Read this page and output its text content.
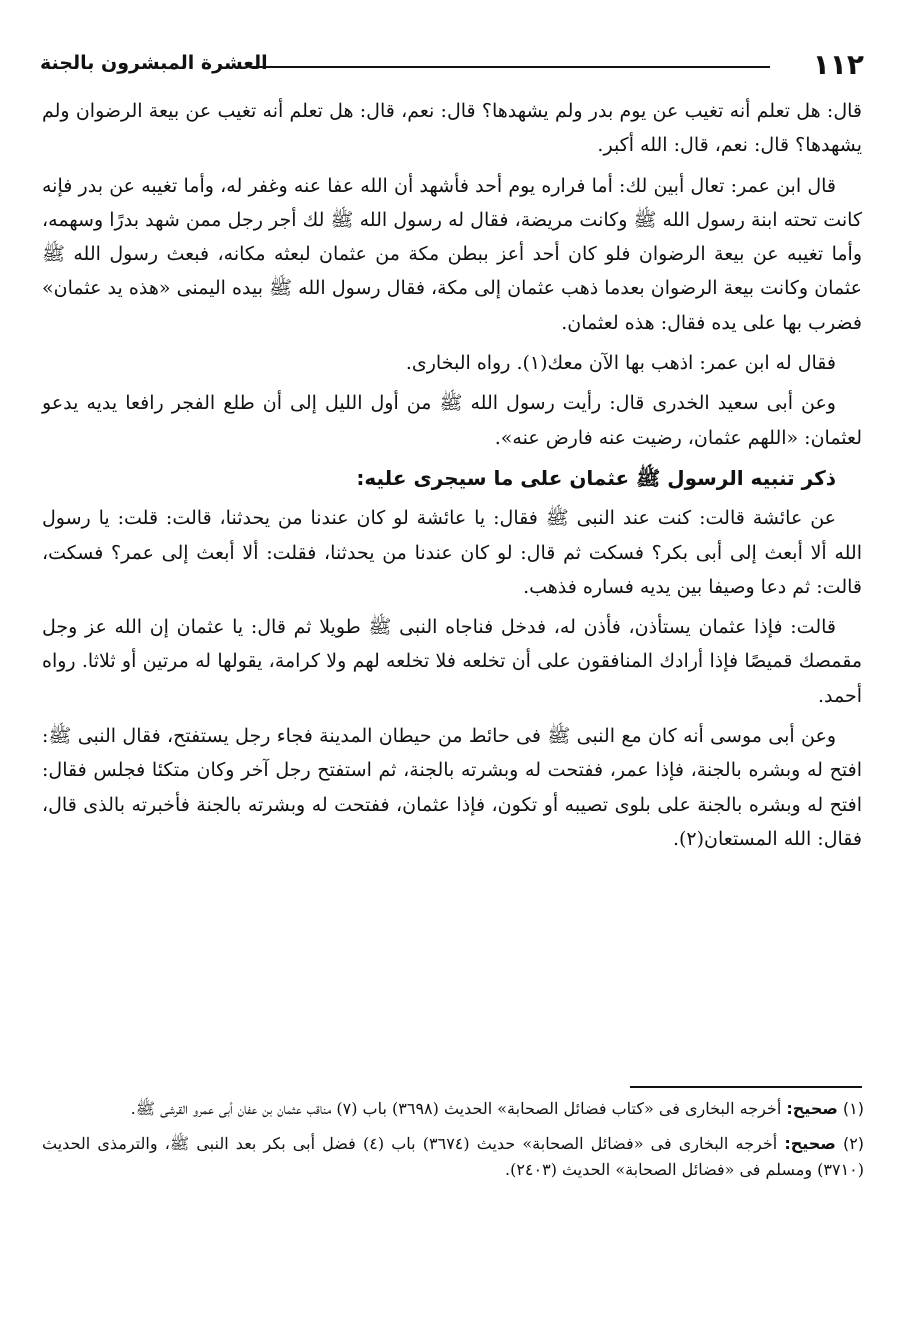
١١٢
العشرة المبشرون بالجنة

قال: هل تعلم أنه تغيب عن يوم بدر ولم يشهدها؟ قال: نعم، قال: هل تعلم أنه تغيب عن بيعة الرضوان ولم يشهدها؟ قال: نعم، قال: الله أكبر.

قال ابن عمر: تعال أبين لك: أما فراره يوم أحد فأشهد أن الله عفا عنه وغفر له، وأما تغيبه عن بدر فإنه كانت تحته ابنة رسول الله ﷺ وكانت مريضة، فقال له رسول الله ﷺ لك أجر رجل ممن شهد بدرًا وسهمه، وأما تغيبه عن بيعة الرضوان فلو كان أحد أعز ببطن مكة من عثمان لبعثه مكانه، فبعث رسول الله ﷺ عثمان وكانت بيعة الرضوان بعدما ذهب عثمان إلى مكة، فقال رسول الله ﷺ بيده اليمنى «هذه يد عثمان» فضرب بها على يده فقال: هذه لعثمان.

فقال له ابن عمر: اذهب بها الآن معك(١). رواه البخارى.

وعن أبى سعيد الخدرى قال: رأيت رسول الله ﷺ من أول الليل إلى أن طلع الفجر رافعا يديه يدعو لعثمان: «اللهم عثمان، رضيت عنه فارض عنه».

ذكر تنبيه الرسول ﷺ عثمان على ما سيجرى عليه:

عن عائشة قالت: كنت عند النبى ﷺ فقال: يا عائشة لو كان عندنا من يحدثنا، قالت: قلت: يا رسول الله ألا أبعث إلى أبى بكر؟ فسكت ثم قال: لو كان عندنا من يحدثنا، فقلت: ألا أبعث إلى عمر؟ فسكت، قالت: ثم دعا وصيفا بين يديه فساره فذهب.

قالت: فإذا عثمان يستأذن، فأذن له، فدخل فناجاه النبى ﷺ طويلا ثم قال: يا عثمان إن الله عز وجل مقمصك قميصًا فإذا أرادك المنافقون على أن تخلعه فلا تخلعه لهم ولا كرامة، يقولها له مرتين أو ثلاثا. رواه أحمد.

وعن أبى موسى أنه كان مع النبى ﷺ فى حائط من حيطان المدينة فجاء رجل يستفتح، فقال النبى ﷺ: افتح له وبشره بالجنة، فإذا عمر، ففتحت له وبشرته بالجنة، ثم استفتح رجل آخر وكان متكئا فجلس فقال: افتح له وبشره بالجنة على بلوى تصيبه أو تكون، فإذا عثمان، ففتحت له وبشرته بالجنة فأخبرته بالذى قال، فقال: الله المستعان(٢).

(١) صحيح: أخرجه البخارى فى «كتاب فضائل الصحابة» الحديث (٣٦٩٨) باب (٧) مناقب عثمان بن عفان أبى عمرو القرشى ﷺ.
(٢) صحيح: أخرجه البخارى فى «فضائل الصحابة» حديث (٣٦٧٤) باب (٤) فضل أبى بكر بعد النبى ﷺ، والترمذى الحديث (٣٧١٠) ومسلم فى «فضائل الصحابة» الحديث (٢٤٠٣).
